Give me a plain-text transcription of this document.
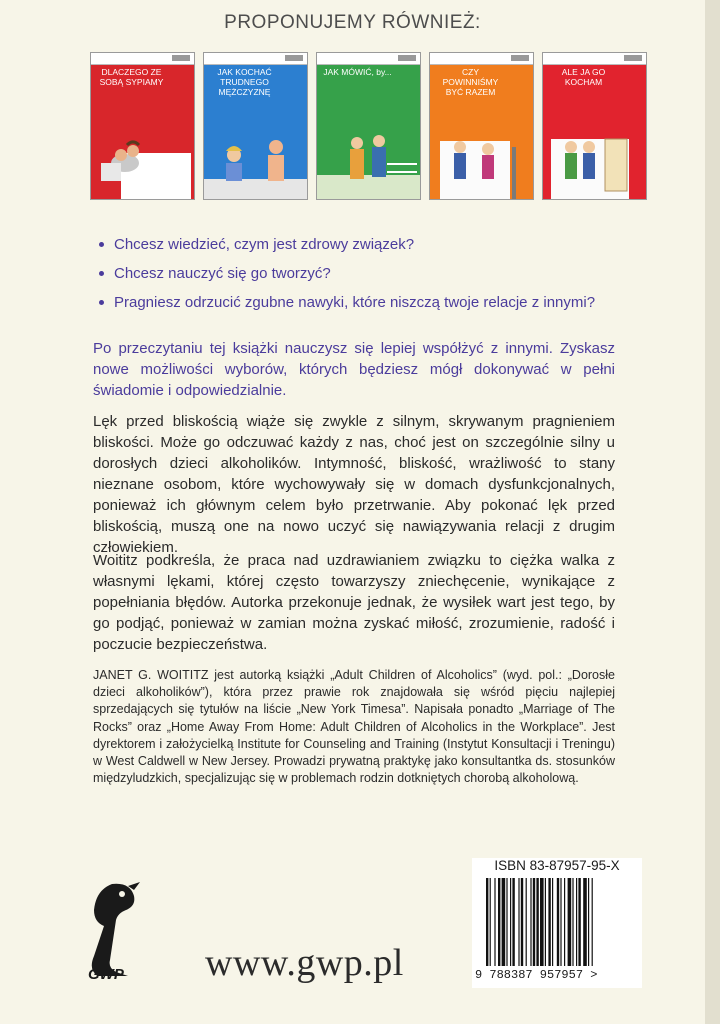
PROPONUJEMY RÓWNIEŻ:
DLACZEGO ZE SOBĄ SYPIAMY
JAK KOCHAĆ TRUDNEGO MĘŻCZYZNĘ
JAK MÓWIĆ, by...	CZY POWINNIŚMY BYĆ RAZEM
ALE JA GO KOCHAM
Chcesz wiedzieć, czym jest zdrowy związek?
Chcesz nauczyć się go tworzyć?
Pragniesz odrzucić zgubne nawyki, które niszczą twoje relacje z innymi?
Po przeczytaniu tej książki nauczysz się lepiej współżyć z innymi. Zyskasz nowe możliwości wyborów, których będziesz mógł dokonywać w pełni świadomie i odpowiedzialnie.

Lęk przed bliskością wiąże się zwykle z silnym, skrywanym pragnieniem bliskości. Może go odczuwać każdy z nas, choć jest on szczególnie silny u dorosłych dzieci alkoholików. Intymność, bliskość, wrażliwość to stany nieznane osobom, które wychowywały się w domach dysfunkcjonalnych, ponieważ ich głównym celem było przetrwanie. Aby pokonać lęk przed bliskością, muszą one na nowo uczyć się nawiązywania relacji z drugim człowiekiem.

Woititz podkreśla, że praca nad uzdrawianiem związku to ciężka walka z własnymi lękami, której często towarzyszy zniechęcenie, wynikające z popełniania błędów. Autorka przekonuje jednak, że wysiłek wart jest tego, by go podjąć, ponieważ w zamian można zyskać miłość, zrozumienie, radość i poczucie bezpieczeństwa.

JANET G. WOITITZ jest autorką książki „Adult Children of Alcoholics” (wyd. pol.: „Dorosłe dzieci alkoholików”), która przez prawie rok znajdowała się wśród pięciu najlepiej sprzedających się tytułów na liście „New York Timesa”. Napisała ponadto „Marriage of The Rocks” oraz „Home Away From Home: Adult Children of Alcoholics in the Workplace”. Jest dyrektorem i założycielką Institute for Counseling and Training (Instytut Konsultacji i Treningu) w West Caldwell w New Jersey. Prowadzi prywatną praktykę jako konsultantka ds. stosunków międzyludzkich, specjalizując się w problemach rodzin dotkniętych chorobą alkoholową.

GWP www.gwp.pl
ISBN 83-87957-95-X
9 788387 957957 >
